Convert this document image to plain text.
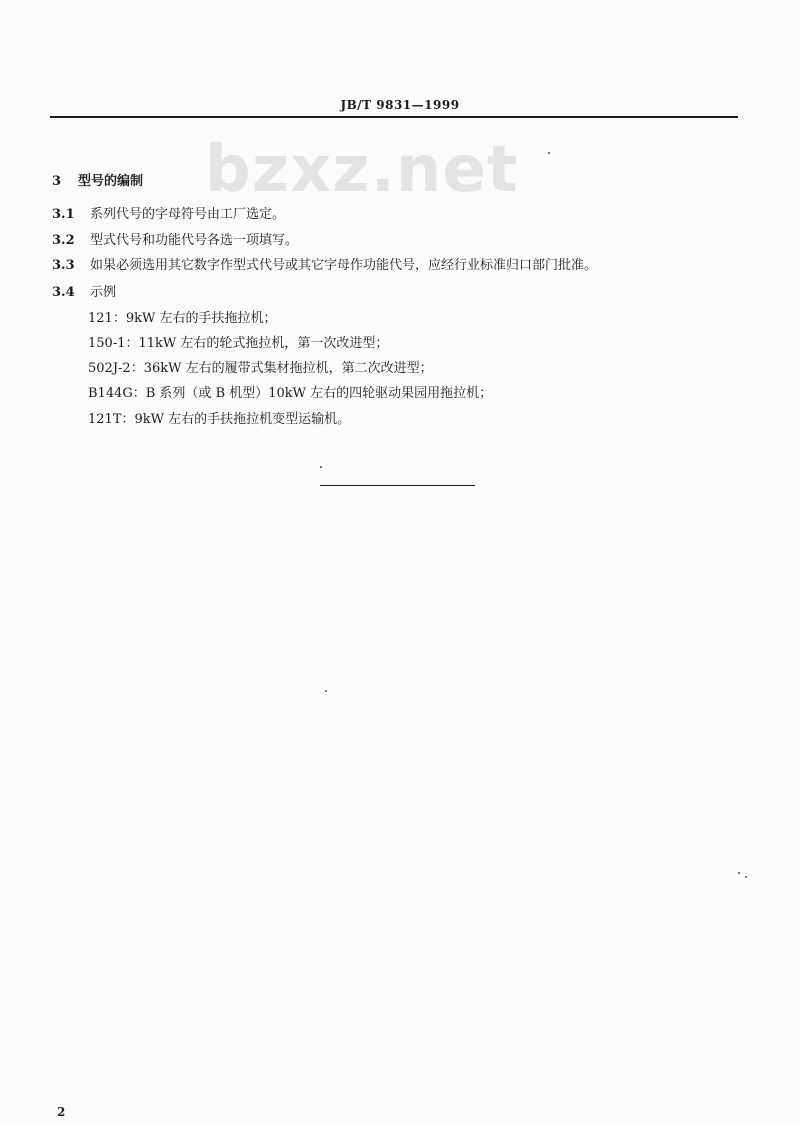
JB/T 9831—1999
bzxz.net
3 型号的编制
3.1 系列代号的字母符号由工厂选定。
3.2 型式代号和功能代号各选一项填写。
3.3 如果必须选用其它数字作型式代号或其它字母作功能代号，应经行业标准归口部门批准。
3.4 示例
121：9kW 左右的手扶拖拉机；
150-1：11kW 左右的轮式拖拉机，第一次改进型；
502J-2：36kW 左右的履带式集材拖拉机，第二次改进型；
B144G：B 系列（或 B 机型）10kW 左右的四轮驱动果园用拖拉机；
121T：9kW 左右的手扶拖拉机变型运输机。
2
